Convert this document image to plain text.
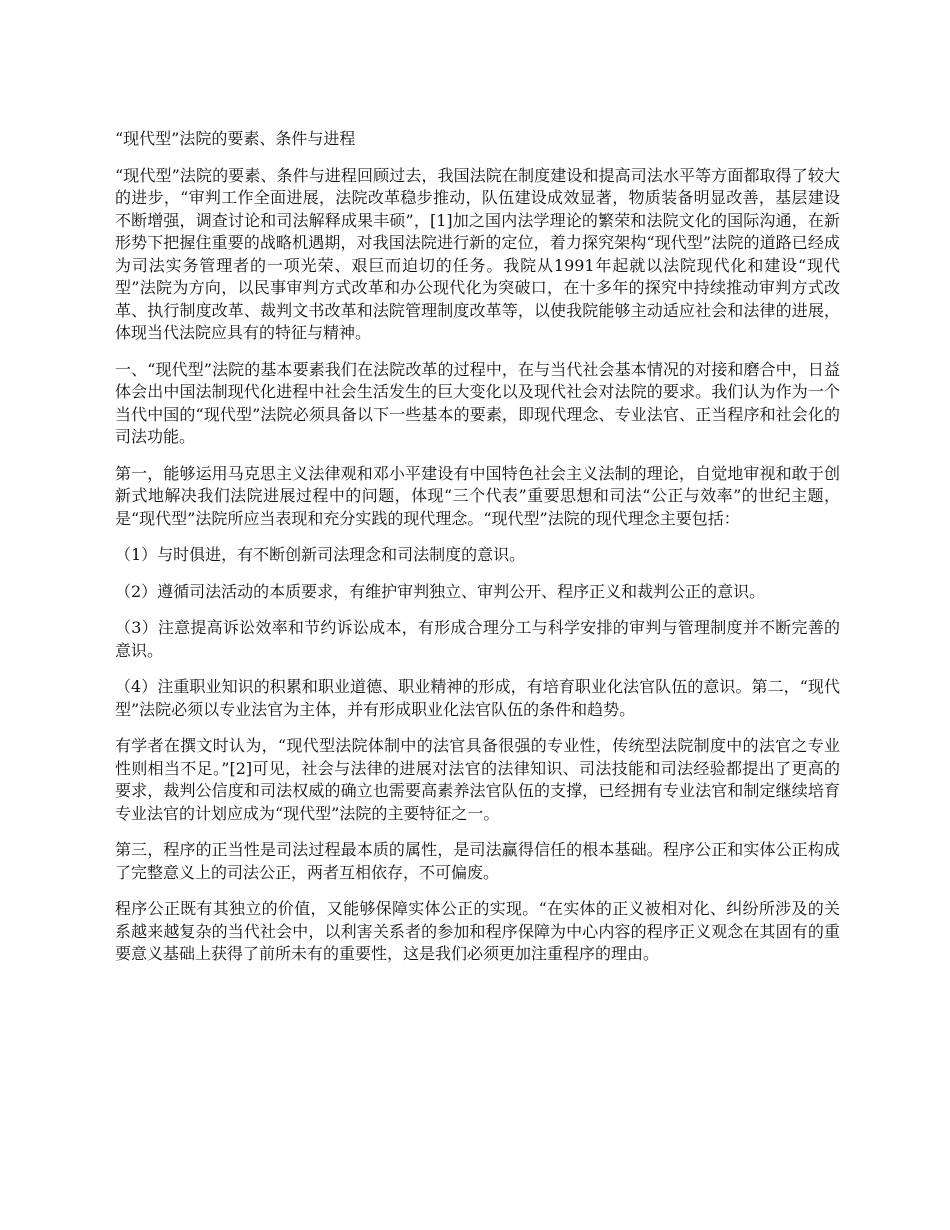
“现代型”法院的要素、条件与进程

“现代型”法院的要素、条件与进程回顾过去，我国法院在制度建设和提高司法水平等方面都取得了较大的进步，“审判工作全面进展，法院改革稳步推动，队伍建设成效显著，物质装备明显改善，基层建设不断增强，调查讨论和司法解释成果丰硕”，[1]加之国内法学理论的繁荣和法院文化的国际沟通，在新形势下把握住重要的战略机遇期，对我国法院进行新的定位，着力探究架构“现代型”法院的道路已经成为司法实务管理者的一项光荣、艰巨而迫切的任务。我院从1991年起就以法院现代化和建设“现代型”法院为方向，以民事审判方式改革和办公现代化为突破口，在十多年的探究中持续推动审判方式改革、执行制度改革、裁判文书改革和法院管理制度改革等，以使我院能够主动适应社会和法律的进展，体现当代法院应具有的特征与精神。

一、“现代型”法院的基本要素我们在法院改革的过程中，在与当代社会基本情况的对接和磨合中，日益体会出中国法制现代化进程中社会生活发生的巨大变化以及现代社会对法院的要求。我们认为作为一个当代中国的“现代型”法院必须具备以下一些基本的要素，即现代理念、专业法官、正当程序和社会化的司法功能。

第一，能够运用马克思主义法律观和邓小平建设有中国特色社会主义法制的理论，自觉地审视和敢于创新式地解决我们法院进展过程中的问题，体现“三个代表”重要思想和司法“公正与效率”的世纪主题，是“现代型”法院所应当表现和充分实践的现代理念。“现代型”法院的现代理念主要包括：

（1）与时俱进，有不断创新司法理念和司法制度的意识。

（2）遵循司法活动的本质要求，有维护审判独立、审判公开、程序正义和裁判公正的意识。

（3）注意提高诉讼效率和节约诉讼成本，有形成合理分工与科学安排的审判与管理制度并不断完善的意识。

（4）注重职业知识的积累和职业道德、职业精神的形成，有培育职业化法官队伍的意识。第二，“现代型”法院必须以专业法官为主体，并有形成职业化法官队伍的条件和趋势。

有学者在撰文时认为，“现代型法院体制中的法官具备很强的专业性，传统型法院制度中的法官之专业性则相当不足。”[2]可见，社会与法律的进展对法官的法律知识、司法技能和司法经验都提出了更高的要求，裁判公信度和司法权威的确立也需要高素养法官队伍的支撑，已经拥有专业法官和制定继续培育专业法官的计划应成为“现代型”法院的主要特征之一。

第三，程序的正当性是司法过程最本质的属性，是司法赢得信任的根本基础。程序公正和实体公正构成了完整意义上的司法公正，两者互相依存，不可偏废。

程序公正既有其独立的价值，又能够保障实体公正的实现。“在实体的正义被相对化、纠纷所涉及的关系越来越复杂的当代社会中，以利害关系者的参加和程序保障为中心内容的程序正义观念在其固有的重要意义基础上获得了前所未有的重要性，这是我们必须更加注重程序的理由。
